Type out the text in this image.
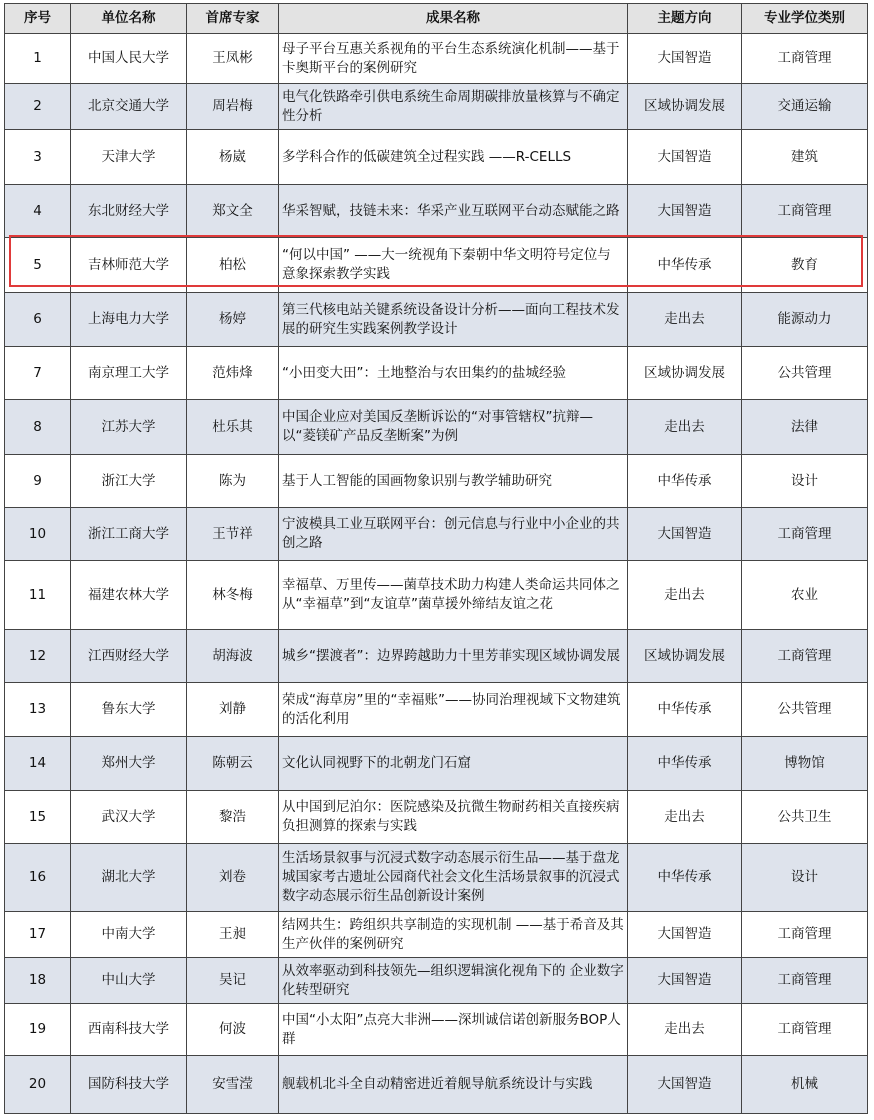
序号	单位名称	首席专家	成果名称	主题方向	专业学位类别
1	中国人民大学	王凤彬	母子平台互惠关系视角的平台生态系统演化机制——基于卡奥斯平台的案例研究	大国智造	工商管理
2	北京交通大学	周岩梅	电气化铁路牵引供电系统生命周期碳排放量核算与不确定性分析	区域协调发展	交通运输
3	天津大学	杨崴	多学科合作的低碳建筑全过程实践 ——R-CELLS	大国智造	建筑
4	东北财经大学	郑文全	华采智赋，技链未来：华采产业互联网平台动态赋能之路	大国智造	工商管理
5	吉林师范大学	柏松	“何以中国” ——大一统视角下秦朝中华文明符号定位与意象探索教学实践	中华传承	教育
6	上海电力大学	杨婷	第三代核电站关键系统设备设计分析——面向工程技术发展的研究生实践案例教学设计	走出去	能源动力
7	南京理工大学	范炜烽	“小田变大田”：土地整治与农田集约的盐城经验	区域协调发展	公共管理
8	江苏大学	杜乐其	中国企业应对美国反垄断诉讼的“对事管辖权”抗辩—以“菱镁矿产品反垄断案”为例	走出去	法律
9	浙江大学	陈为	基于人工智能的国画物象识别与教学辅助研究	中华传承	设计
10	浙江工商大学	王节祥	宁波模具工业互联网平台：创元信息与行业中小企业的共创之路	大国智造	工商管理
11	福建农林大学	林冬梅	幸福草、万里传——菌草技术助力构建人类命运共同体之从“幸福草”到“友谊草”菌草援外缔结友谊之花	走出去	农业
12	江西财经大学	胡海波	城乡“摆渡者”：边界跨越助力十里芳菲实现区域协调发展	区域协调发展	工商管理
13	鲁东大学	刘静	荣成“海草房”里的“幸福账”——协同治理视域下文物建筑的活化利用	中华传承	公共管理
14	郑州大学	陈朝云	文化认同视野下的北朝龙门石窟	中华传承	博物馆
15	武汉大学	黎浩	从中国到尼泊尔：医院感染及抗微生物耐药相关直接疾病负担测算的探索与实践	走出去	公共卫生
16	湖北大学	刘卷	生活场景叙事与沉浸式数字动态展示衍生品——基于盘龙城国家考古遗址公园商代社会文化生活场景叙事的沉浸式数字动态展示衍生品创新设计案例	中华传承	设计
17	中南大学	王昶	结网共生：跨组织共享制造的实现机制 ——基于希音及其生产伙伴的案例研究	大国智造	工商管理
18	中山大学	吴记	从效率驱动到科技领先—组织逻辑演化视角下的 企业数字化转型研究	大国智造	工商管理
19	西南科技大学	何波	中国“小太阳”点亮大非洲——深圳诚信诺创新服务BOP人群	走出去	工商管理
20	国防科技大学	安雪滢	舰载机北斗全自动精密进近着舰导航系统设计与实践	大国智造	机械
